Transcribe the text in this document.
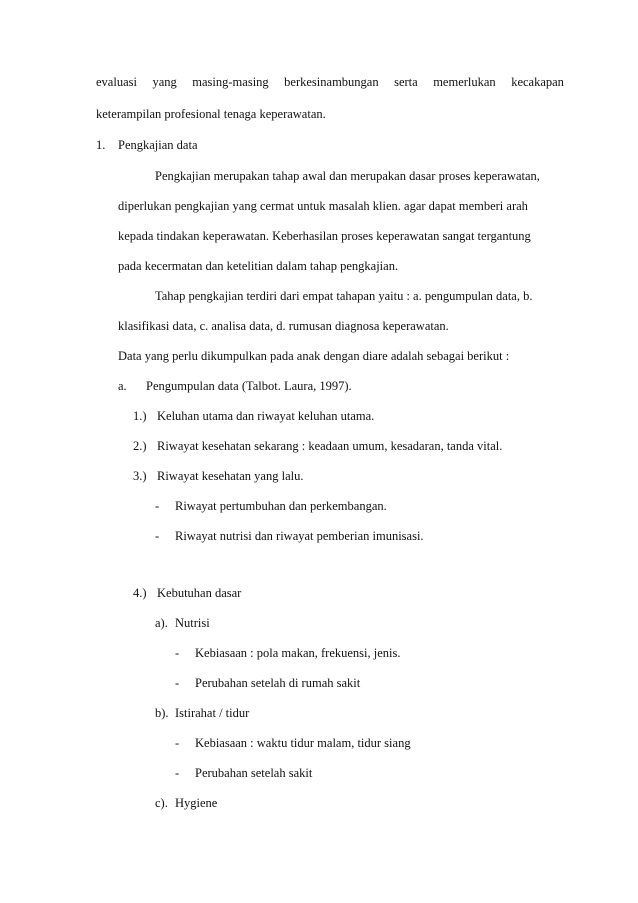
evaluasi yang masing-masing berkesinambungan serta memerlukan kecakapan
keterampilan profesional tenaga keperawatan.
1. Pengkajian data
Pengkajian merupakan tahap awal dan merupakan dasar proses keperawatan,
diperlukan pengkajian yang cermat untuk masalah klien. agar dapat memberi arah
kepada tindakan keperawatan. Keberhasilan proses keperawatan sangat tergantung
pada kecermatan dan ketelitian dalam tahap pengkajian.
Tahap pengkajian terdiri dari empat tahapan yaitu : a. pengumpulan data, b.
klasifikasi data, c. analisa data, d. rumusan diagnosa keperawatan.
Data yang perlu dikumpulkan pada anak dengan diare adalah sebagai berikut :
a. Pengumpulan data (Talbot. Laura, 1997).
1.) Keluhan utama dan riwayat keluhan utama.
2.) Riwayat kesehatan sekarang : keadaan umum, kesadaran, tanda vital.
3.) Riwayat kesehatan yang lalu.
- Riwayat pertumbuhan dan perkembangan.
- Riwayat nutrisi dan riwayat pemberian imunisasi.
4.) Kebutuhan dasar
a). Nutrisi
- Kebiasaan : pola makan, frekuensi, jenis.
- Perubahan setelah di rumah sakit
b). Istirahat / tidur
- Kebiasaan : waktu tidur malam, tidur siang
- Perubahan setelah sakit
c). Hygiene
